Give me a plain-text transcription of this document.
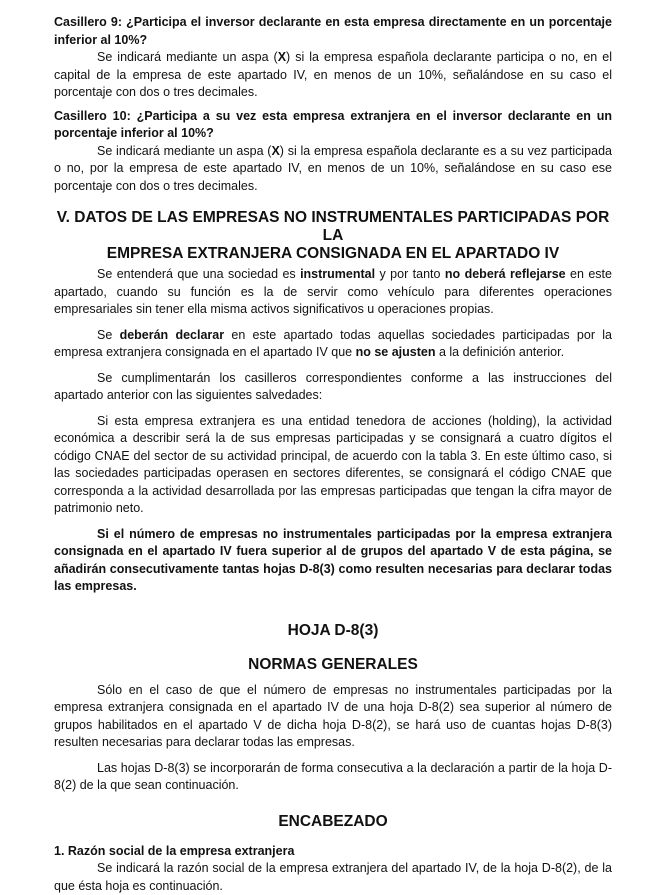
Casillero 9: ¿Participa el inversor declarante en esta empresa directamente en un porcentaje inferior al 10%?

Se indicará mediante un aspa (X) si la empresa española declarante participa o no, en el capital de la empresa de este apartado IV, en menos de un 10%, señalándose en su caso el porcentaje con dos o tres decimales.

Casillero 10: ¿Participa a su vez esta empresa extranjera en el inversor declarante en un porcentaje inferior al 10%?

Se indicará mediante un aspa (X) si la empresa española declarante es a su vez participada o no, por la empresa de este apartado IV, en menos de un 10%, señalándose en su caso ese porcentaje con dos o tres decimales.

V. DATOS DE LAS EMPRESAS NO INSTRUMENTALES PARTICIPADAS POR LA
EMPRESA EXTRANJERA CONSIGNADA EN EL APARTADO IV

Se entenderá que una sociedad es instrumental y por tanto no deberá reflejarse en este apartado, cuando su función es la de servir como vehículo para diferentes operaciones empresariales sin tener ella misma activos significativos u operaciones propias.

Se deberán declarar en este apartado todas aquellas sociedades participadas por la empresa extranjera consignada en el apartado IV que no se ajusten a la definición anterior.

Se cumplimentarán los casilleros correspondientes conforme a las instrucciones del apartado anterior con las siguientes salvedades:

Si esta empresa extranjera es una entidad tenedora de acciones (holding), la actividad económica a describir será la de sus empresas participadas y se consignará a cuatro dígitos el código CNAE del sector de su actividad principal, de acuerdo con la tabla 3. En este último caso, si las sociedades participadas operasen en sectores diferentes, se consignará el código CNAE que corresponda a la actividad desarrollada por las empresas participadas que tengan la cifra mayor de patrimonio neto.

Si el número de empresas no instrumentales participadas por la empresa extranjera consignada en el apartado IV fuera superior al de grupos del apartado V de esta página, se añadirán consecutivamente tantas hojas D-8(3) como resulten necesarias para declarar todas las empresas.

HOJA D-8(3)
NORMAS GENERALES

Sólo en el caso de que el número de empresas no instrumentales participadas por la empresa extranjera consignada en el apartado IV de una hoja D-8(2) sea superior al número de grupos habilitados en el apartado V de dicha hoja D-8(2), se hará uso de cuantas hojas D-8(3) resulten necesarias para declarar todas las empresas.

Las hojas D-8(3) se incorporarán de forma consecutiva a la declaración a partir de la hoja D-8(2) de la que sean continuación.

ENCABEZADO

1. Razón social de la empresa extranjera

Se indicará la razón social de la empresa extranjera del apartado IV, de la hoja D-8(2), de la que ésta hoja es continuación.
